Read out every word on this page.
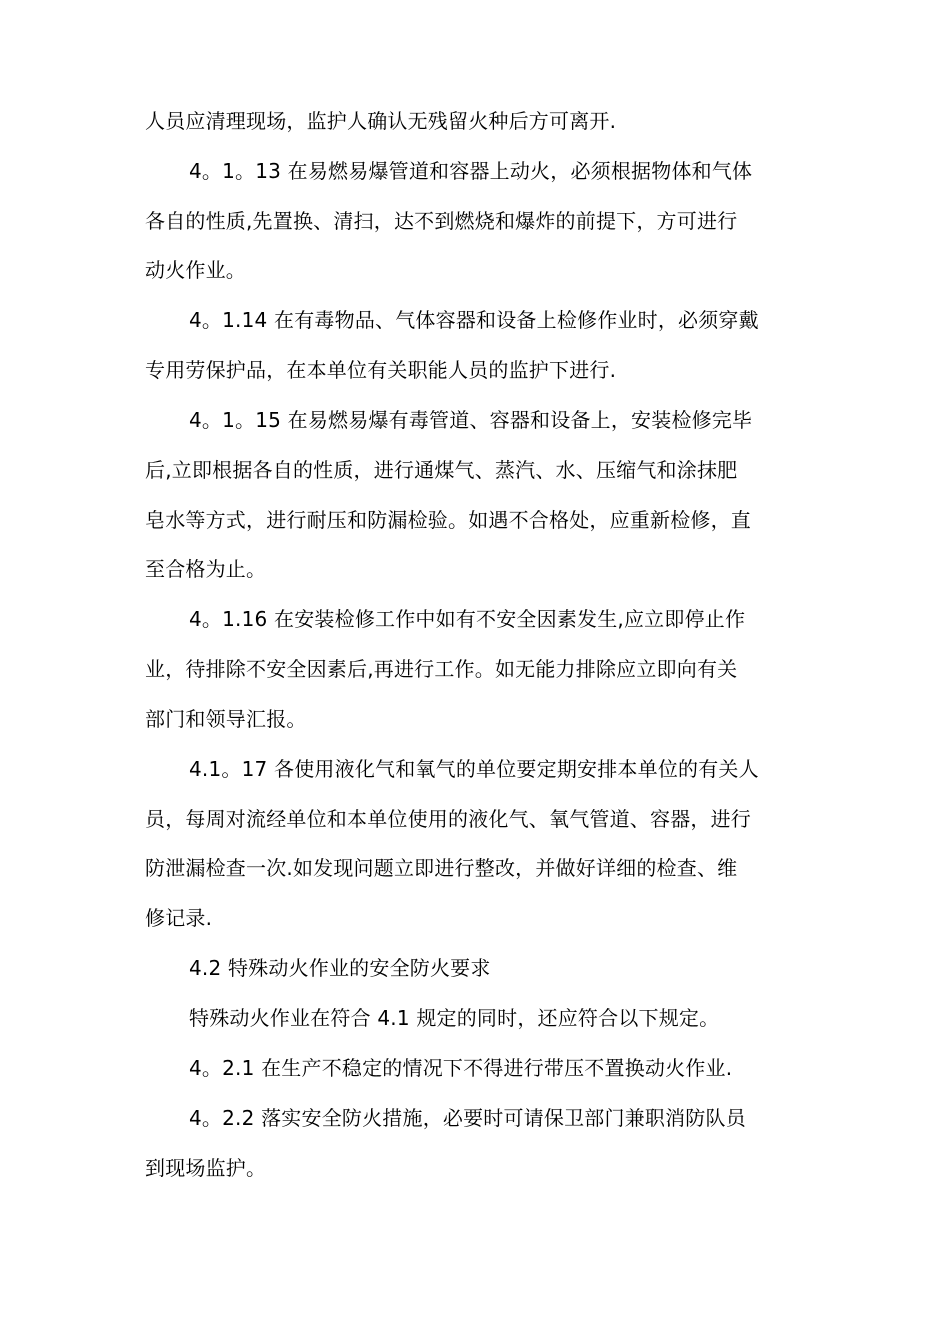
人员应清理现场，监护人确认无残留火种后方可离开.
4。1。13 在易燃易爆管道和容器上动火，必须根据物体和气体
各自的性质,先置换、清扫，达不到燃烧和爆炸的前提下，方可进行
动火作业。
4。1.14 在有毒物品、气体容器和设备上检修作业时，必须穿戴
专用劳保护品，在本单位有关职能人员的监护下进行.
4。1。15 在易燃易爆有毒管道、容器和设备上，安装检修完毕
后,立即根据各自的性质，进行通煤气、蒸汽、水、压缩气和涂抹肥
皂水等方式，进行耐压和防漏检验。如遇不合格处，应重新检修，直
至合格为止。
4。1.16 在安装检修工作中如有不安全因素发生,应立即停止作
业，待排除不安全因素后,再进行工作。如无能力排除应立即向有关
部门和领导汇报。
4.1。17 各使用液化气和氧气的单位要定期安排本单位的有关人
员，每周对流经单位和本单位使用的液化气、氧气管道、容器，进行
防泄漏检查一次.如发现问题立即进行整改，并做好详细的检查、维
修记录.
4.2 特殊动火作业的安全防火要求
特殊动火作业在符合 4.1 规定的同时，还应符合以下规定。
4。2.1 在生产不稳定的情况下不得进行带压不置换动火作业.
4。2.2 落实安全防火措施，必要时可请保卫部门兼职消防队员
到现场监护。
